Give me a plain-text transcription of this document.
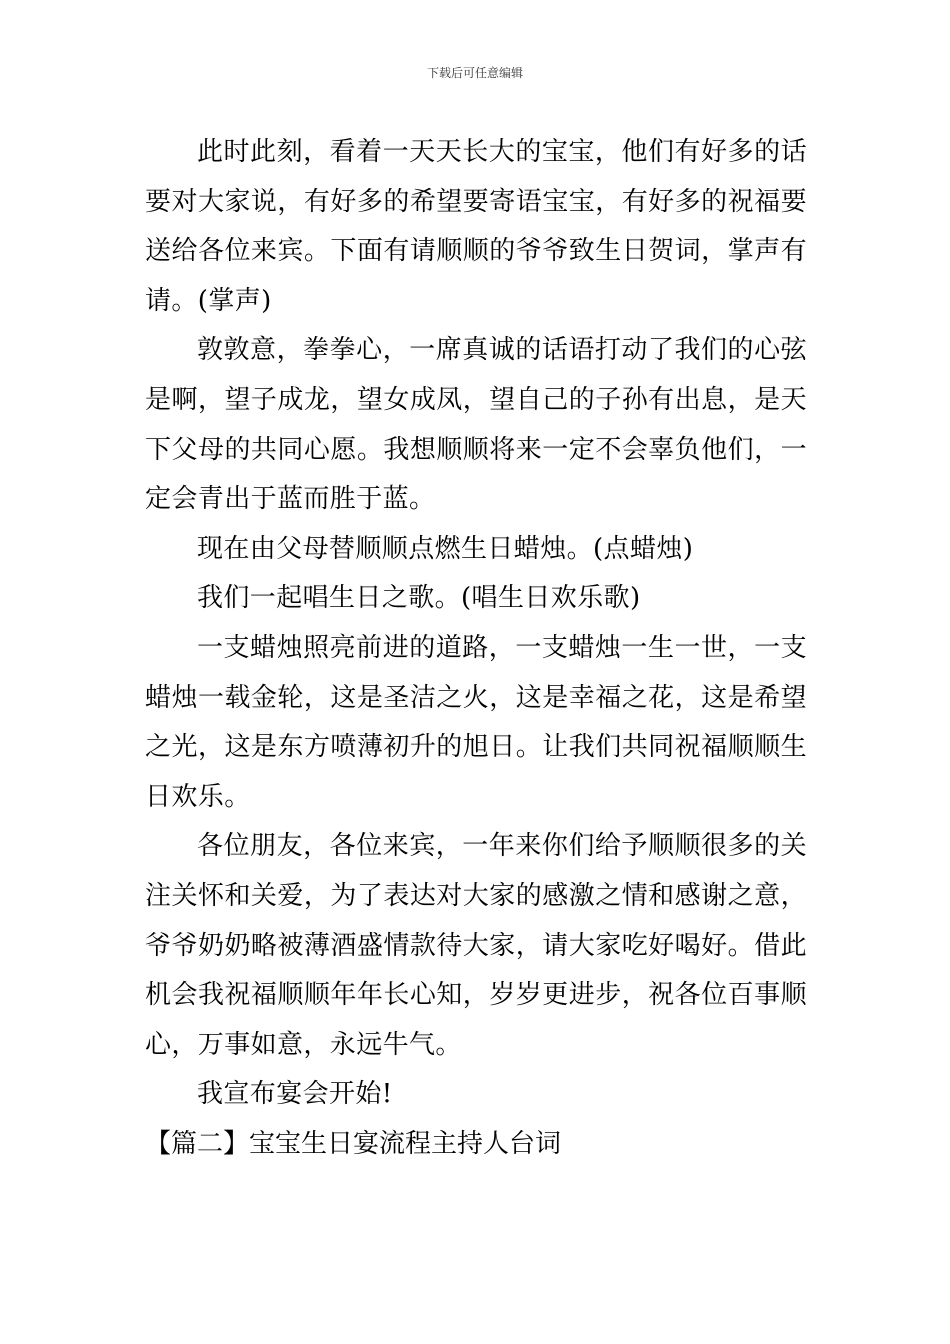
下载后可任意编辑

此时此刻，看着一天天长大的宝宝，他们有好多的话要对大家说，有好多的希望要寄语宝宝，有好多的祝福要送给各位来宾。下面有请顺顺的爷爷致生日贺词，掌声有请。(掌声)

敦敦意，拳拳心，一席真诚的话语打动了我们的心弦是啊，望子成龙，望女成凤，望自己的子孙有出息，是天下父母的共同心愿。我想顺顺将来一定不会辜负他们，一定会青出于蓝而胜于蓝。

现在由父母替顺顺点燃生日蜡烛。(点蜡烛)

我们一起唱生日之歌。(唱生日欢乐歌)

一支蜡烛照亮前进的道路，一支蜡烛一生一世，一支蜡烛一载金轮，这是圣洁之火，这是幸福之花，这是希望之光，这是东方喷薄初升的旭日。让我们共同祝福顺顺生日欢乐。

各位朋友，各位来宾，一年来你们给予顺顺很多的关注关怀和关爱，为了表达对大家的感激之情和感谢之意，爷爷奶奶略被薄酒盛情款待大家，请大家吃好喝好。借此机会我祝福顺顺年年长心知，岁岁更进步，祝各位百事顺心，万事如意，永远牛气。

我宣布宴会开始!

【篇二】宝宝生日宴流程主持人台词
